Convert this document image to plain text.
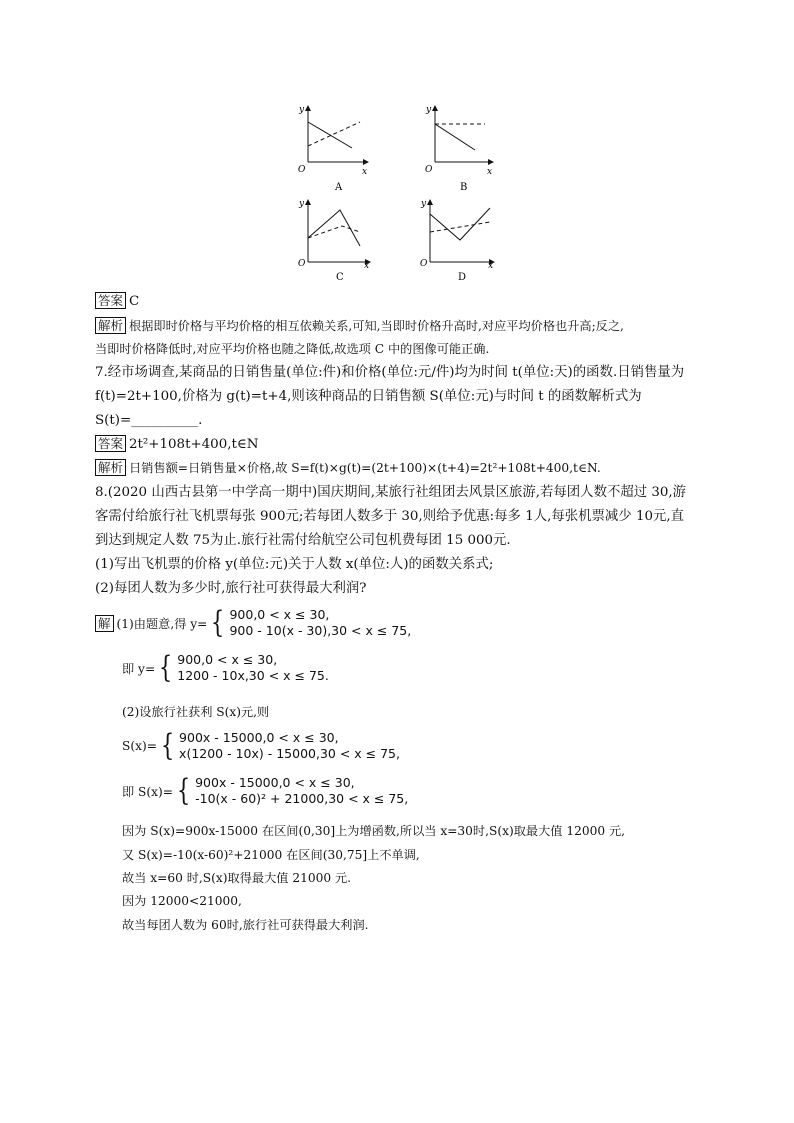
y
x
O
A
y
x
O
B
y
x
O
C
y
x
O
D
答案 C
解析 根据即时价格与平均价格的相互依赖关系,可知,当即时价格升高时,对应平均价格也升高;反之,
当即时价格降低时,对应平均价格也随之降低,故选项 C 中的图像可能正确.
7.经市场调查,某商品的日销售量(单位:件)和价格(单位:元/件)均为时间 t(单位:天)的函数.日销售量为
f(t)=2t+100,价格为 g(t)=t+4,则该种商品的日销售额 S(单位:元)与时间 t 的函数解析式为
S(t)=__________.
答案 2t²+108t+400,t∈N
解析 日销售额=日销售量×价格,故 S=f(t)×g(t)=(2t+100)×(t+4)=2t²+108t+400,t∈N.
8.(2020 山西古县第一中学高一期中)国庆期间,某旅行社组团去风景区旅游,若每团人数不超过 30,游
客需付给旅行社飞机票每张 900元;若每团人数多于 30,则给予优惠:每多 1人,每张机票减少 10元,直
到达到规定人数 75为止.旅行社需付给航空公司包机费每团 15 000元.
(1)写出飞机票的价格 y(单位:元)关于人数 x(单位:人)的函数关系式;
(2)每团人数为多少时,旅行社可获得最大利润?
解 (1)由题意,得 y= { 900,0 < x ≤ 30,
900 - 10(x - 30),30 < x ≤ 75,
即 y= { 900,0 < x ≤ 30,
1200 - 10x,30 < x ≤ 75.
(2)设旅行社获利 S(x)元,则
S(x)= { 900x - 15000,0 < x ≤ 30,
x(1200 - 10x) - 15000,30 < x ≤ 75,
即 S(x)= { 900x - 15000,0 < x ≤ 30,
-10(x - 60)² + 21000,30 < x ≤ 75,
因为 S(x)=900x-15000 在区间(0,30]上为增函数,所以当 x=30时,S(x)取最大值 12000 元,
又 S(x)=-10(x-60)²+21000 在区间(30,75]上不单调,
故当 x=60 时,S(x)取得最大值 21000 元.
因为 12000<21000,
故当每团人数为 60时,旅行社可获得最大利润.
